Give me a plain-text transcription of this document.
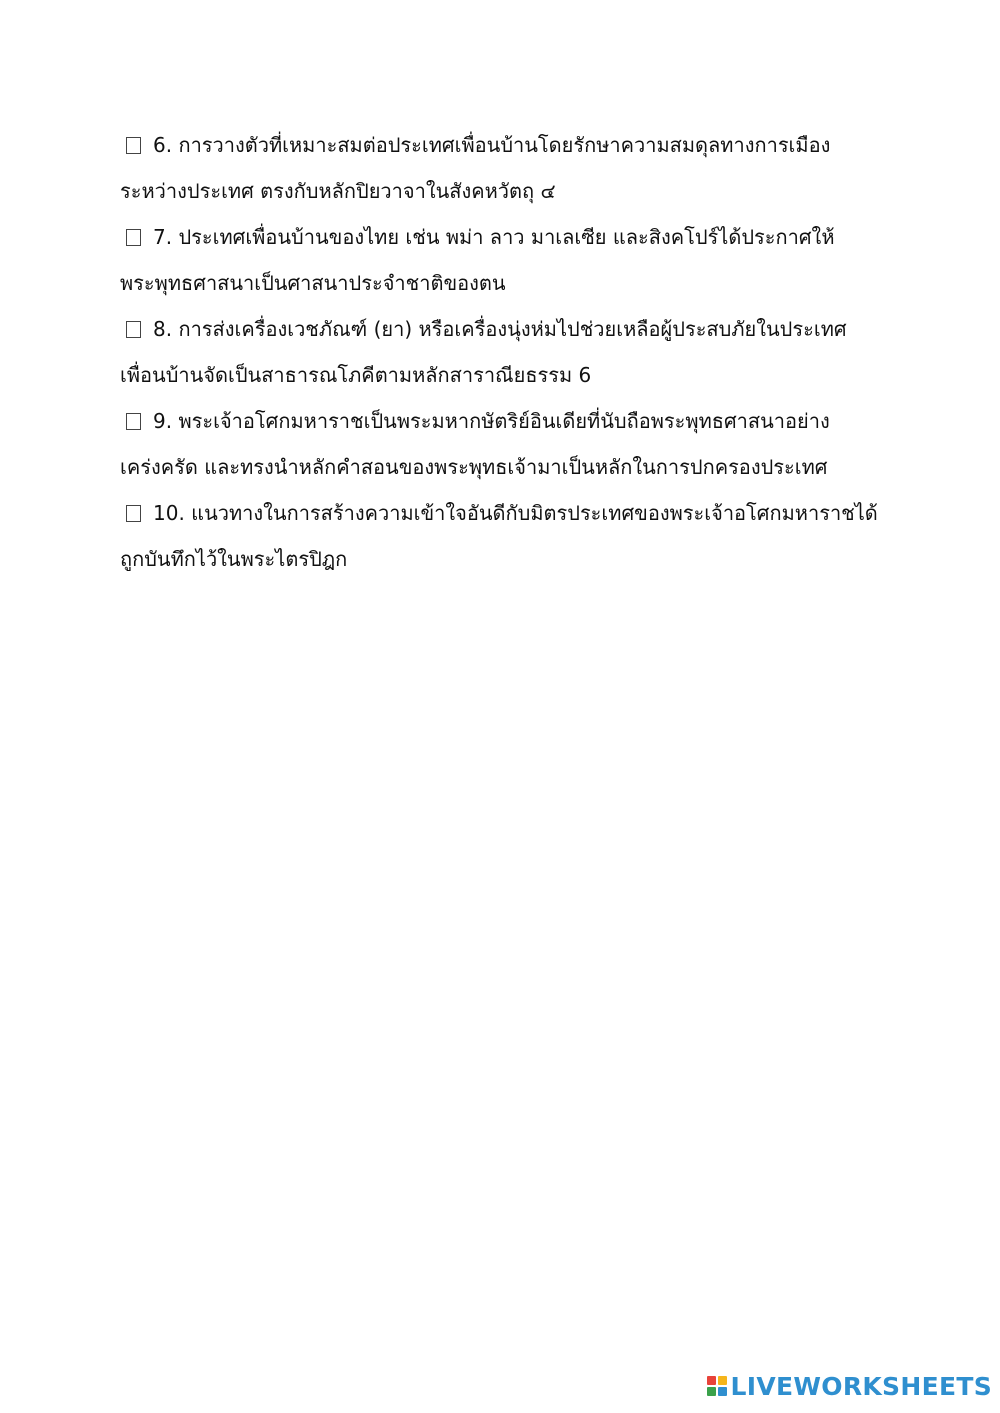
6. การวางตัวที่เหมาะสมต่อประเทศเพื่อนบ้านโดยรักษาความสมดุลทางการเมืองระหว่างประเทศ ตรงกับหลักปิยวาจาในสังคหวัตถุ ๔
7. ประเทศเพื่อนบ้านของไทย เช่น พม่า ลาว มาเลเซีย และสิงคโปร์ได้ประกาศให้พระพุทธศาสนาเป็นศาสนาประจำชาติของตน
8. การส่งเครื่องเวชภัณฑ์ (ยา) หรือเครื่องนุ่งห่มไปช่วยเหลือผู้ประสบภัยในประเทศเพื่อนบ้านจัดเป็นสาธารณโภคีตามหลักสาราณียธรรม 6
9. พระเจ้าอโศกมหาราชเป็นพระมหากษัตริย์อินเดียที่นับถือพระพุทธศาสนาอย่างเคร่งครัด และทรงนำหลักคำสอนของพระพุทธเจ้ามาเป็นหลักในการปกครองประเทศ
10. แนวทางในการสร้างความเข้าใจอันดีกับมิตรประเทศของพระเจ้าอโศกมหาราชได้ถูกบันทึกไว้ในพระไตรปิฎก
LIVEWORKSHEETS
